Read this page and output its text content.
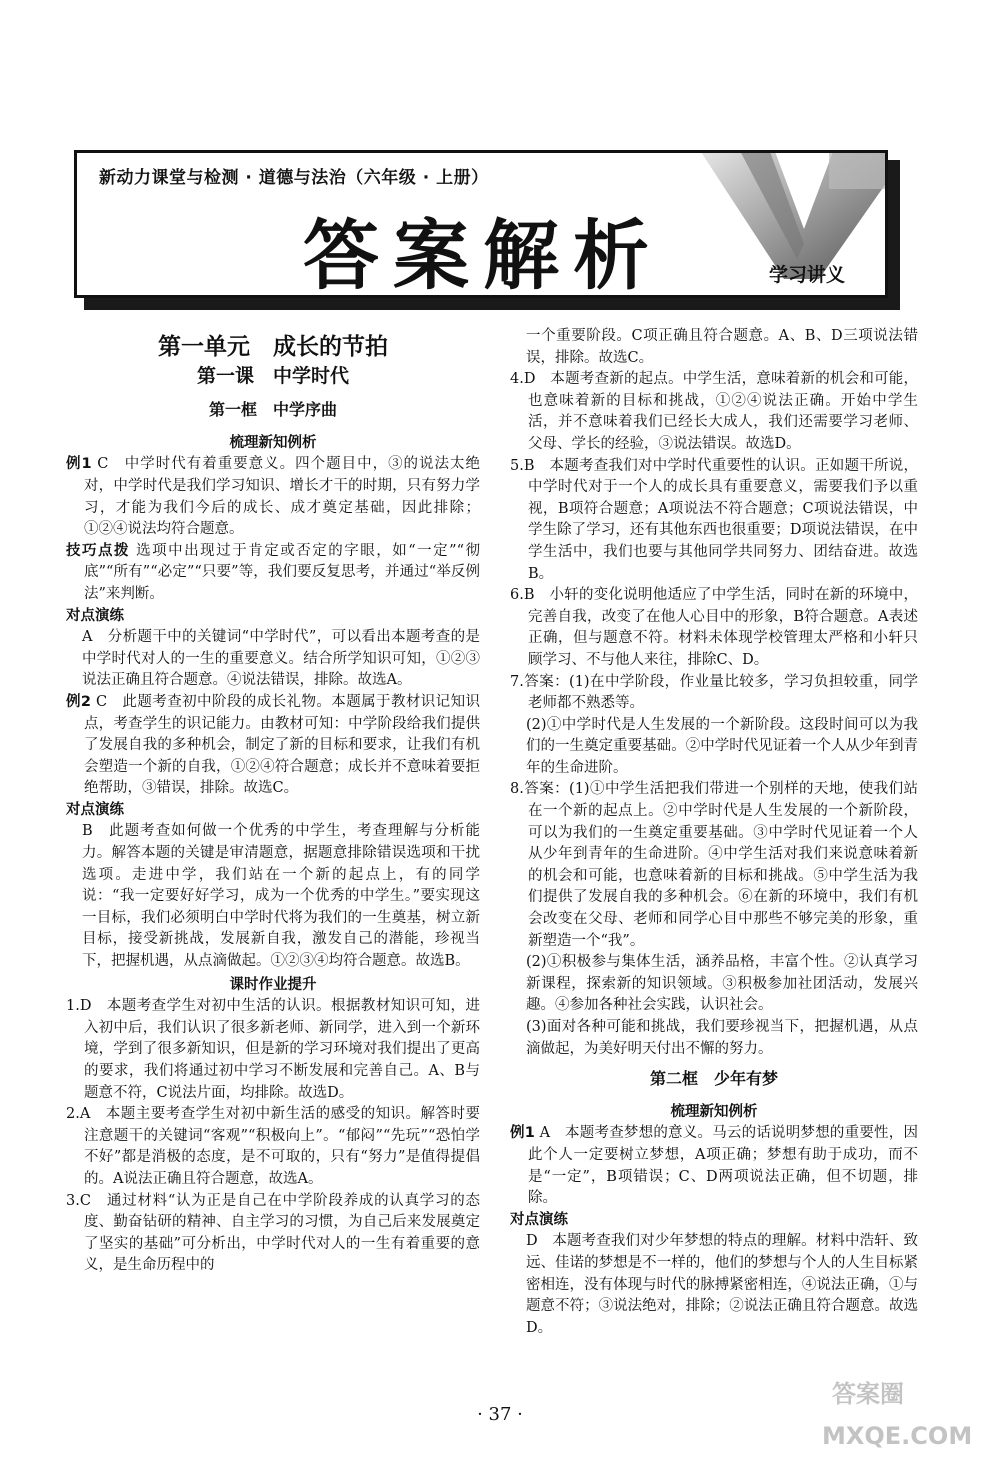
新动力课堂与检测 · 道德与法治（六年级 · 上册）
答案解析	学习讲义
第一单元　成长的节拍
第一课　中学时代
第一框　中学序曲
梳理新知例析

例1 C　中学时代有着重要意义。四个题目中，③的说法太绝对，中学时代是我们学习知识、增长才干的时期，只有努力学习，才能为我们今后的成长、成才奠定基础，因此排除；①②④说法均符合题意。

技巧点拨 选项中出现过于肯定或否定的字眼，如“一定”“彻底”“所有”“必定”“只要”等，我们要反复思考，并通过“举反例法”来判断。

对点演练

A　分析题干中的关键词“中学时代”，可以看出本题考查的是中学时代对人的一生的重要意义。结合所学知识可知，①②③说法正确且符合题意。④说法错误，排除。故选A。

例2 C　此题考查初中阶段的成长礼物。本题属于教材识记知识点，考查学生的识记能力。由教材可知：中学阶段给我们提供了发展自我的多种机会，制定了新的目标和要求，让我们有机会塑造一个新的自我，①②④符合题意；成长并不意味着要拒绝帮助，③错误，排除。故选C。

对点演练

B　此题考查如何做一个优秀的中学生，考查理解与分析能力。解答本题的关键是审清题意，据题意排除错误选项和干扰选项。走进中学，我们站在一个新的起点上，有的同学说：“我一定要好好学习，成为一个优秀的中学生。”要实现这一目标，我们必须明白中学时代将为我们的一生奠基，树立新目标，接受新挑战，发展新自我，激发自己的潜能，珍视当下，把握机遇，从点滴做起。①②③④均符合题意。故选B。

课时作业提升

1.D　本题考查学生对初中生活的认识。根据教材知识可知，进入初中后，我们认识了很多新老师、新同学，进入到一个新环境，学到了很多新知识，但是新的学习环境对我们提出了更高的要求，我们将通过初中学习不断发展和完善自己。A、B与题意不符，C说法片面，均排除。故选D。

2.A　本题主要考查学生对初中新生活的感受的知识。解答时要注意题干的关键词“客观”“积极向上”。“郁闷”“先玩”“恐怕学不好”都是消极的态度，是不可取的，只有“努力”是值得提倡的。A说法正确且符合题意，故选A。

3.C　通过材料“认为正是自己在中学阶段养成的认真学习的态度、勤奋钻研的精神、自主学习的习惯，为自己后来发展奠定了坚实的基础”可分析出，中学时代对人的一生有着重要的意义，是生命历程中的

一个重要阶段。C项正确且符合题意。A、B、D三项说法错误，排除。故选C。

4.D　本题考查新的起点。中学生活，意味着新的机会和可能，也意味着新的目标和挑战，①②④说法正确。开始中学生活，并不意味着我们已经长大成人，我们还需要学习老师、父母、学长的经验，③说法错误。故选D。

5.B　本题考查我们对中学时代重要性的认识。正如题干所说，中学时代对于一个人的成长具有重要意义，需要我们予以重视，B项符合题意；A项说法不符合题意；C项说法错误，中学生除了学习，还有其他东西也很重要；D项说法错误，在中学生活中，我们也要与其他同学共同努力、团结奋进。故选B。

6.B　小轩的变化说明他适应了中学生活，同时在新的环境中，完善自我，改变了在他人心目中的形象，B符合题意。A表述正确，但与题意不符。材料未体现学校管理太严格和小轩只顾学习、不与他人来往，排除C、D。

7.答案：(1)在中学阶段，作业量比较多，学习负担较重，同学老师都不熟悉等。

(2)①中学时代是人生发展的一个新阶段。这段时间可以为我们的一生奠定重要基础。②中学时代见证着一个人从少年到青年的生命进阶。

8.答案：(1)①中学生活把我们带进一个别样的天地，使我们站在一个新的起点上。②中学时代是人生发展的一个新阶段，可以为我们的一生奠定重要基础。③中学时代见证着一个人从少年到青年的生命进阶。④中学生活对我们来说意味着新的机会和可能，也意味着新的目标和挑战。⑤中学生活为我们提供了发展自我的多种机会。⑥在新的环境中，我们有机会改变在父母、老师和同学心目中那些不够完美的形象，重新塑造一个“我”。

(2)①积极参与集体生活，涵养品格，丰富个性。②认真学习新课程，探索新的知识领域。③积极参加社团活动，发展兴趣。④参加各种社会实践，认识社会。

(3)面对各种可能和挑战，我们要珍视当下，把握机遇，从点滴做起，为美好明天付出不懈的努力。

第二框　少年有梦
梳理新知例析

例1 A　本题考查梦想的意义。马云的话说明梦想的重要性，因此个人一定要树立梦想，A项正确；梦想有助于成功，而不是“一定”，B项错误；C、D两项说法正确，但不切题，排除。

对点演练

D　本题考查我们对少年梦想的特点的理解。材料中浩轩、致远、佳诺的梦想是不一样的，他们的梦想与个人的人生目标紧密相连，没有体现与时代的脉搏紧密相连，④说法正确，①与题意不符；③说法绝对，排除；②说法正确且符合题意。故选D。

· 37 ·
答案圈
MXQE.COM
